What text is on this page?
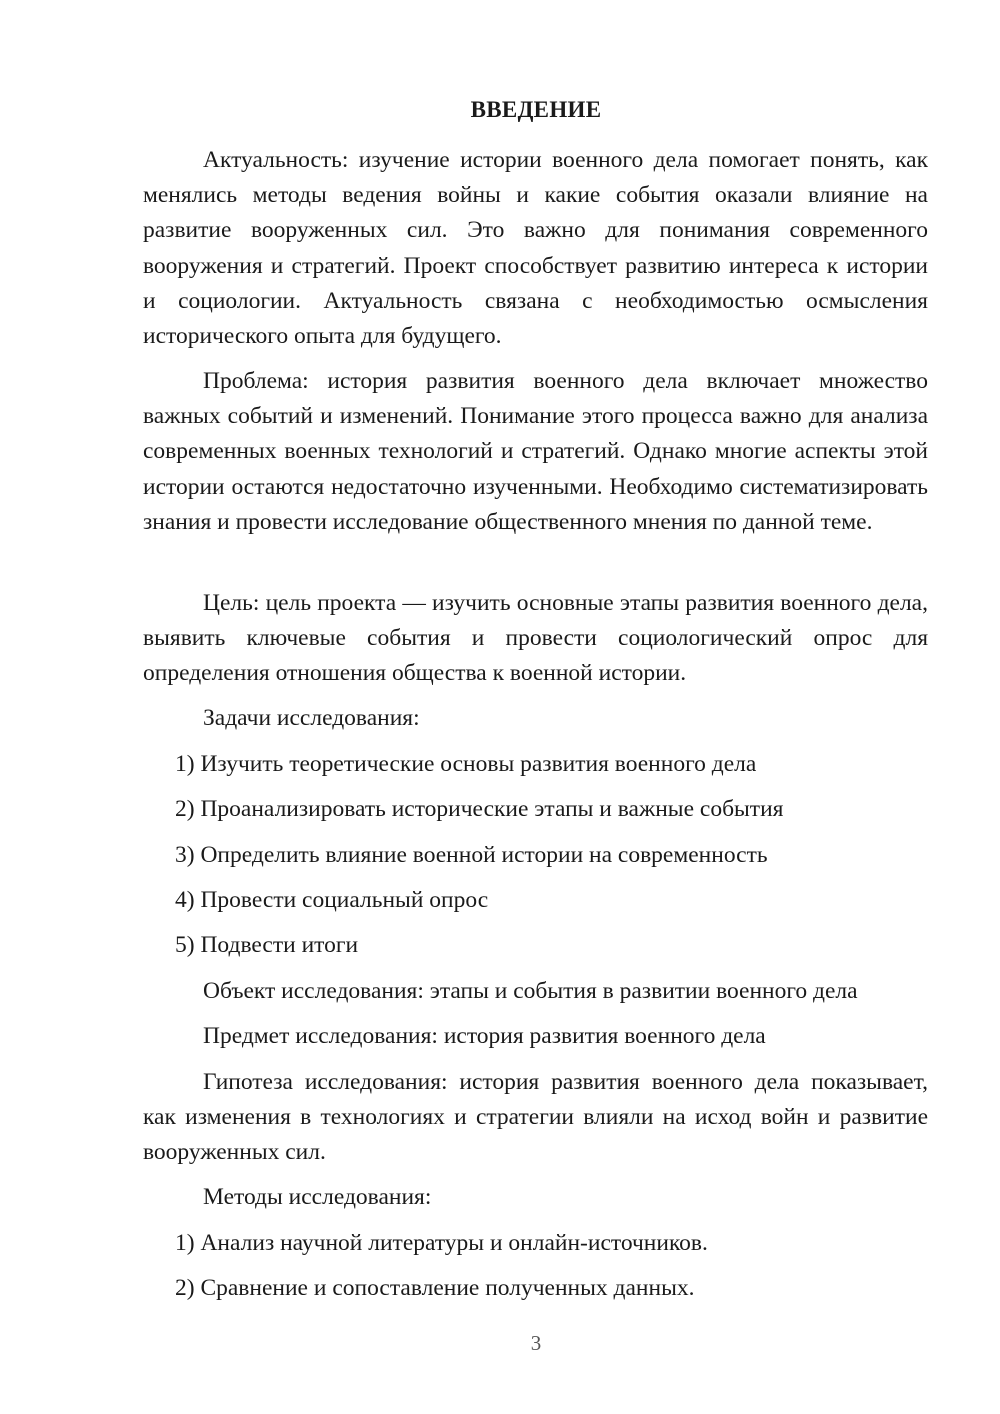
ВВЕДЕНИЕ

Актуальность: изучение истории военного дела помогает понять, как менялись методы ведения войны и какие события оказали влияние на развитие вооруженных сил. Это важно для понимания современного вооружения и стратегий. Проект способствует развитию интереса к истории и социологии. Актуальность связана с необходимостью осмысления исторического опыта для будущего.

Проблема: история развития военного дела включает множество важных событий и изменений. Понимание этого процесса важно для анализа современных военных технологий и стратегий. Однако многие аспекты этой истории остаются недостаточно изученными. Необходимо систематизировать знания и провести исследование общественного мнения по данной теме.

Цель: цель проекта — изучить основные этапы развития военного дела, выявить ключевые события и провести социологический опрос для определения отношения общества к военной истории.

Задачи исследования:

1) Изучить теоретические основы развития военного дела

2) Проанализировать исторические этапы и важные события

3) Определить влияние военной истории на современность

4) Провести социальный опрос

5) Подвести итоги

Объект исследования: этапы и события в развитии военного дела

Предмет исследования: история развития военного дела

Гипотеза исследования: история развития военного дела показывает, как изменения в технологиях и стратегии влияли на исход войн и развитие вооруженных сил.

Методы исследования:

1) Анализ научной литературы и онлайн-источников.

2) Сравнение и сопоставление полученных данных.

3
